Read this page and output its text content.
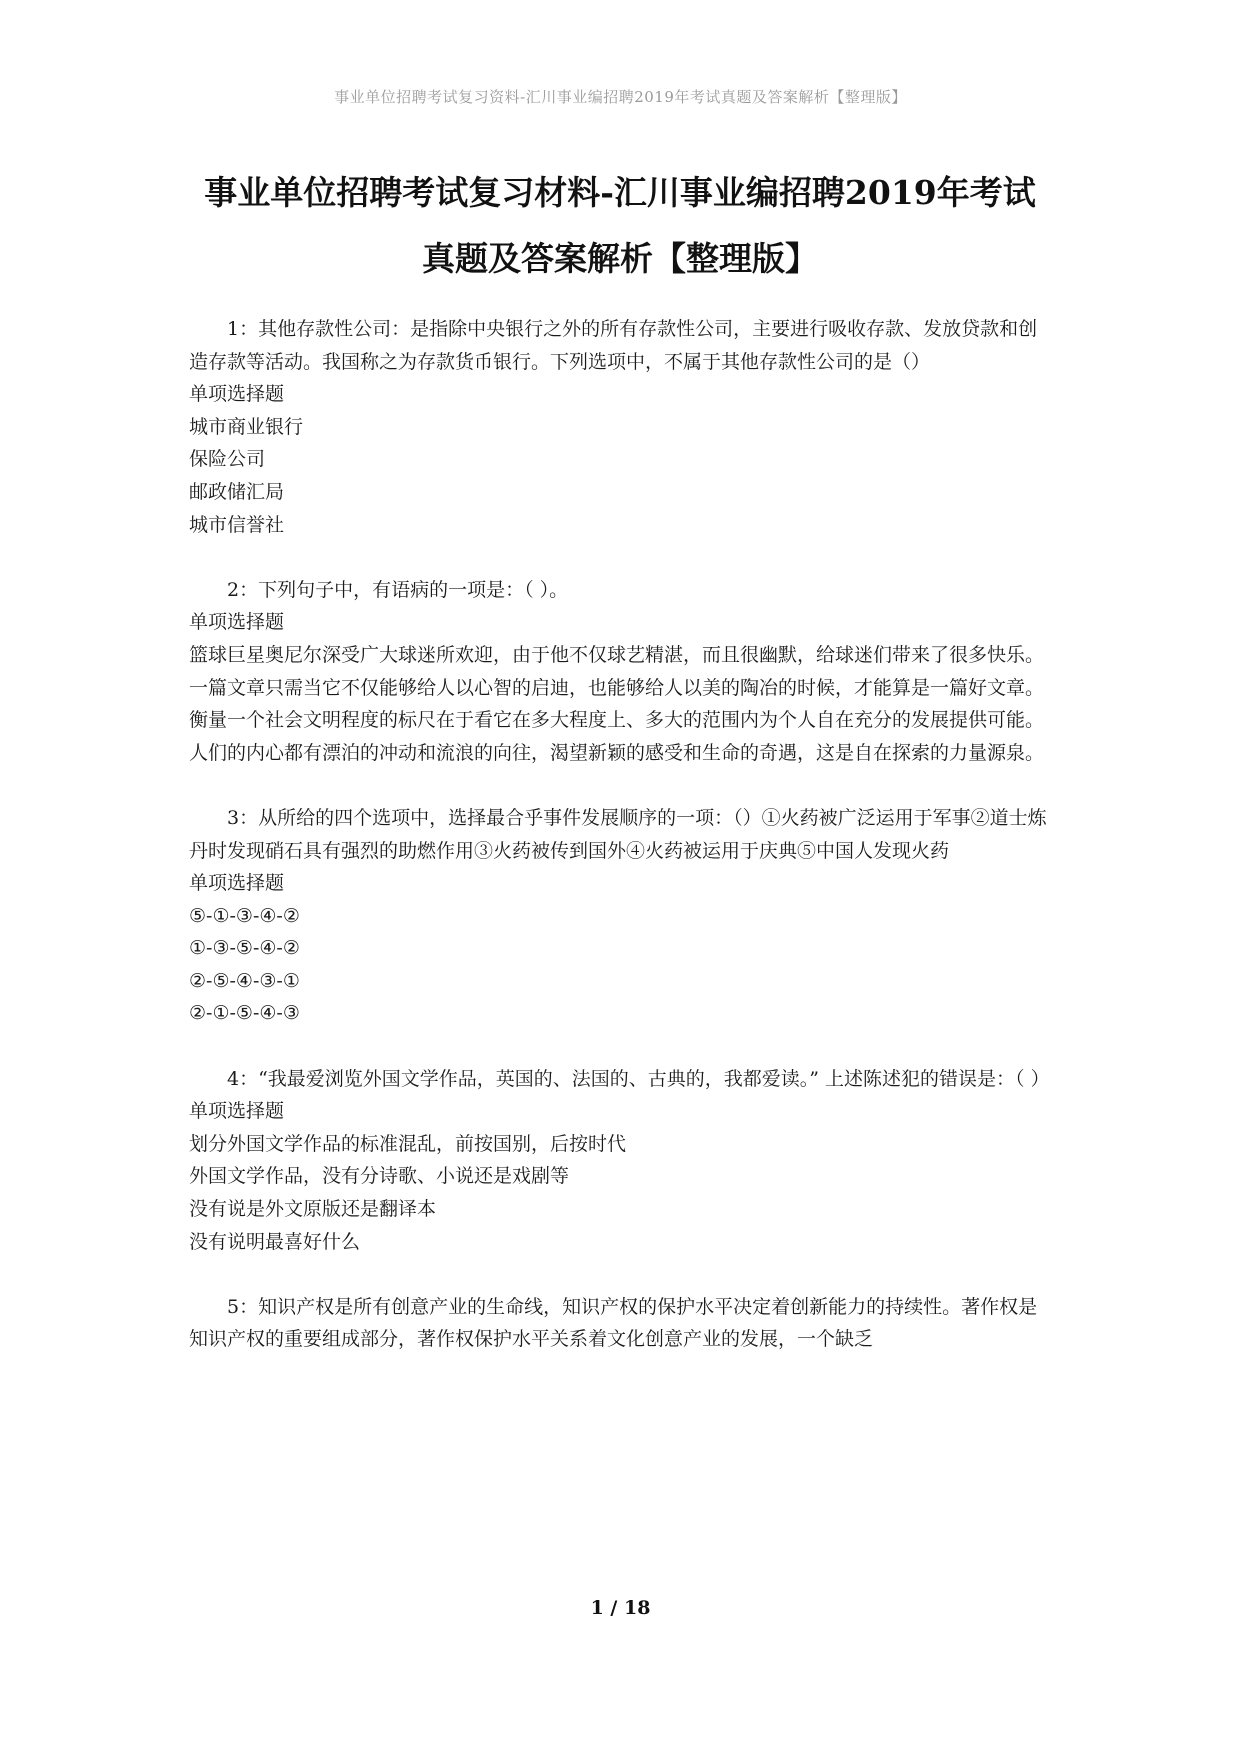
事业单位招聘考试复习资料-汇川事业编招聘2019年考试真题及答案解析【整理版】
事业单位招聘考试复习材料-汇川事业编招聘2019年考试
真题及答案解析【整理版】

1：其他存款性公司：是指除中央银行之外的所有存款性公司，主要进行吸收存款、发放贷款和创造存款等活动。我国称之为存款货币银行。下列选项中，不属于其他存款性公司的是（）

单项选择题

城市商业银行

保险公司

邮政储汇局

城市信誉社

2：下列句子中，有语病的一项是：（ ）。

单项选择题

篮球巨星奥尼尔深受广大球迷所欢迎，由于他不仅球艺精湛，而且很幽默，给球迷们带来了很多快乐。

一篇文章只需当它不仅能够给人以心智的启迪，也能够给人以美的陶冶的时候，才能算是一篇好文章。

衡量一个社会文明程度的标尺在于看它在多大程度上、多大的范围内为个人自在充分的发展提供可能。

人们的内心都有漂泊的冲动和流浪的向往，渴望新颖的感受和生命的奇遇，这是自在探索的力量源泉。

3：从所给的四个选项中，选择最合乎事件发展顺序的一项：（）①火药被广泛运用于军事②道士炼丹时发现硝石具有强烈的助燃作用③火药被传到国外④火药被运用于庆典⑤中国人发现火药

单项选择题

⑤-①-③-④-②

①-③-⑤-④-②

②-⑤-④-③-①

②-①-⑤-④-③

4：“我最爱浏览外国文学作品，英国的、法国的、古典的，我都爱读。” 上述陈述犯的错误是：（ ）

单项选择题

划分外国文学作品的标准混乱，前按国别，后按时代

外国文学作品，没有分诗歌、小说还是戏剧等

没有说是外文原版还是翻译本

没有说明最喜好什么

5：知识产权是所有创意产业的生命线，知识产权的保护水平决定着创新能力的持续性。著作权是知识产权的重要组成部分，著作权保护水平关系着文化创意产业的发展，一个缺乏

1 / 18
